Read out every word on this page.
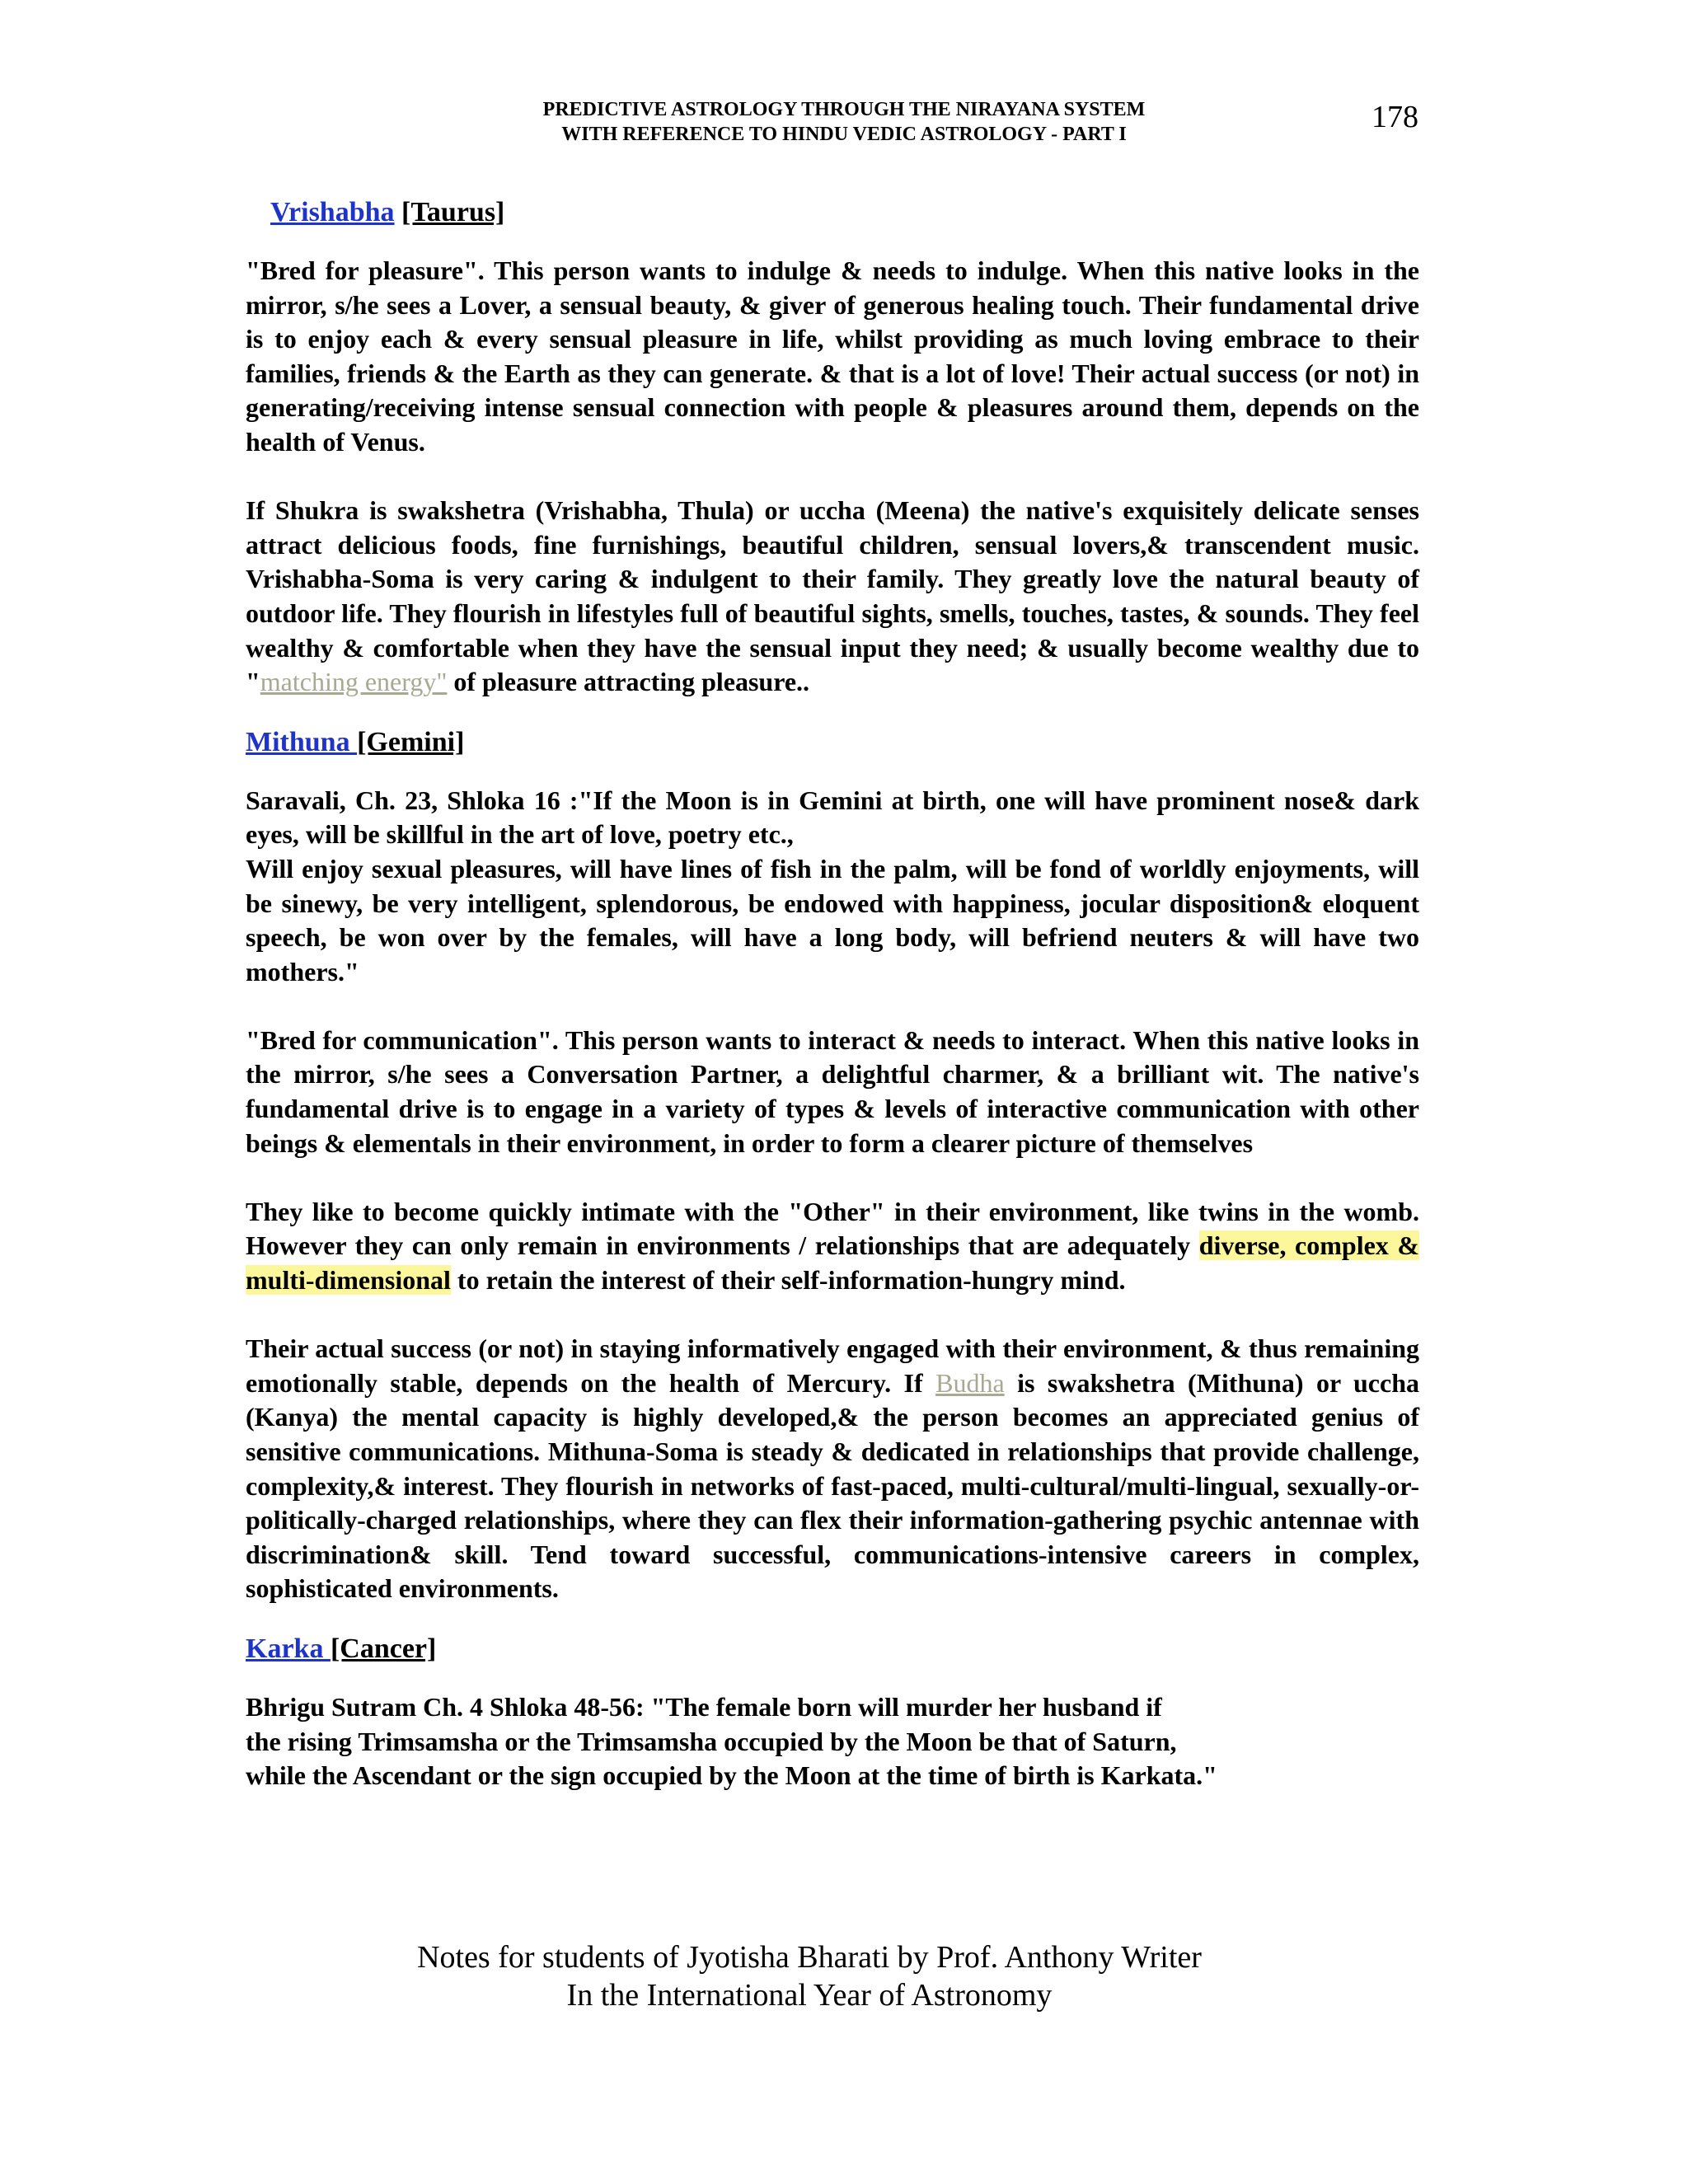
PREDICTIVE ASTROLOGY THROUGH THE NIRAYANA SYSTEM
WITH REFERENCE TO HINDU VEDIC ASTROLOGY - PART I	178
Vrishabha [Taurus]

"Bred for pleasure". This person wants to indulge & needs to indulge. When this native looks in the mirror, s/he sees a Lover, a sensual beauty, & giver of generous healing touch. Their fundamental drive is to enjoy each & every sensual pleasure in life, whilst providing as much loving embrace to their families, friends & the Earth as they can generate. & that is a lot of love! Their actual success (or not) in generating/receiving intense sensual connection with people & pleasures around them, depends on the health of Venus.

If Shukra is swakshetra (Vrishabha, Thula) or uccha (Meena) the native's exquisitely delicate senses attract delicious foods, fine furnishings, beautiful children, sensual lovers,& transcendent music. Vrishabha-Soma is very caring & indulgent to their family. They greatly love the natural beauty of outdoor life. They flourish in lifestyles full of beautiful sights, smells, touches, tastes, & sounds. They feel wealthy & comfortable when they have the sensual input they need; & usually become wealthy due to "matching energy" of pleasure attracting pleasure..

Mithuna [Gemini]

Saravali, Ch. 23, Shloka 16 :"If the Moon is in Gemini at birth, one will have prominent nose& dark eyes, will be skillful in the art of love, poetry etc.,

Will enjoy sexual pleasures, will have lines of fish in the palm, will be fond of worldly enjoyments, will be sinewy, be very intelligent, splendorous, be endowed with happiness, jocular disposition& eloquent speech, be won over by the females, will have a long body, will befriend neuters & will have two mothers."

"Bred for communication". This person wants to interact & needs to interact. When this native looks in the mirror, s/he sees a Conversation Partner, a delightful charmer, & a brilliant wit. The native's fundamental drive is to engage in a variety of types & levels of interactive communication with other beings & elementals in their environment, in order to form a clearer picture of themselves

They like to become quickly intimate with the "Other" in their environment, like twins in the womb. However they can only remain in environments / relationships that are adequately diverse, complex & multi-dimensional to retain the interest of their self-information-hungry mind.

Their actual success (or not) in staying informatively engaged with their environment, & thus remaining emotionally stable, depends on the health of Mercury. If Budha is swakshetra (Mithuna) or uccha (Kanya) the mental capacity is highly developed,& the person becomes an appreciated genius of sensitive communications. Mithuna-Soma is steady & dedicated in relationships that provide challenge, complexity,& interest. They flourish in networks of fast-paced, multi-cultural/multi-lingual, sexually-or-politically-charged relationships, where they can flex their information-gathering psychic antennae with discrimination& skill. Tend toward successful, communications-intensive careers in complex, sophisticated environments.

Karka [Cancer]

Bhrigu Sutram Ch. 4 Shloka 48-56: "The female born will murder her husband if

the rising Trimsamsha or the Trimsamsha occupied by the Moon be that of Saturn,

while the Ascendant or the sign occupied by the Moon at the time of birth is Karkata."

Notes for students of Jyotisha Bharati by Prof. Anthony Writer
In the International Year of Astronomy
